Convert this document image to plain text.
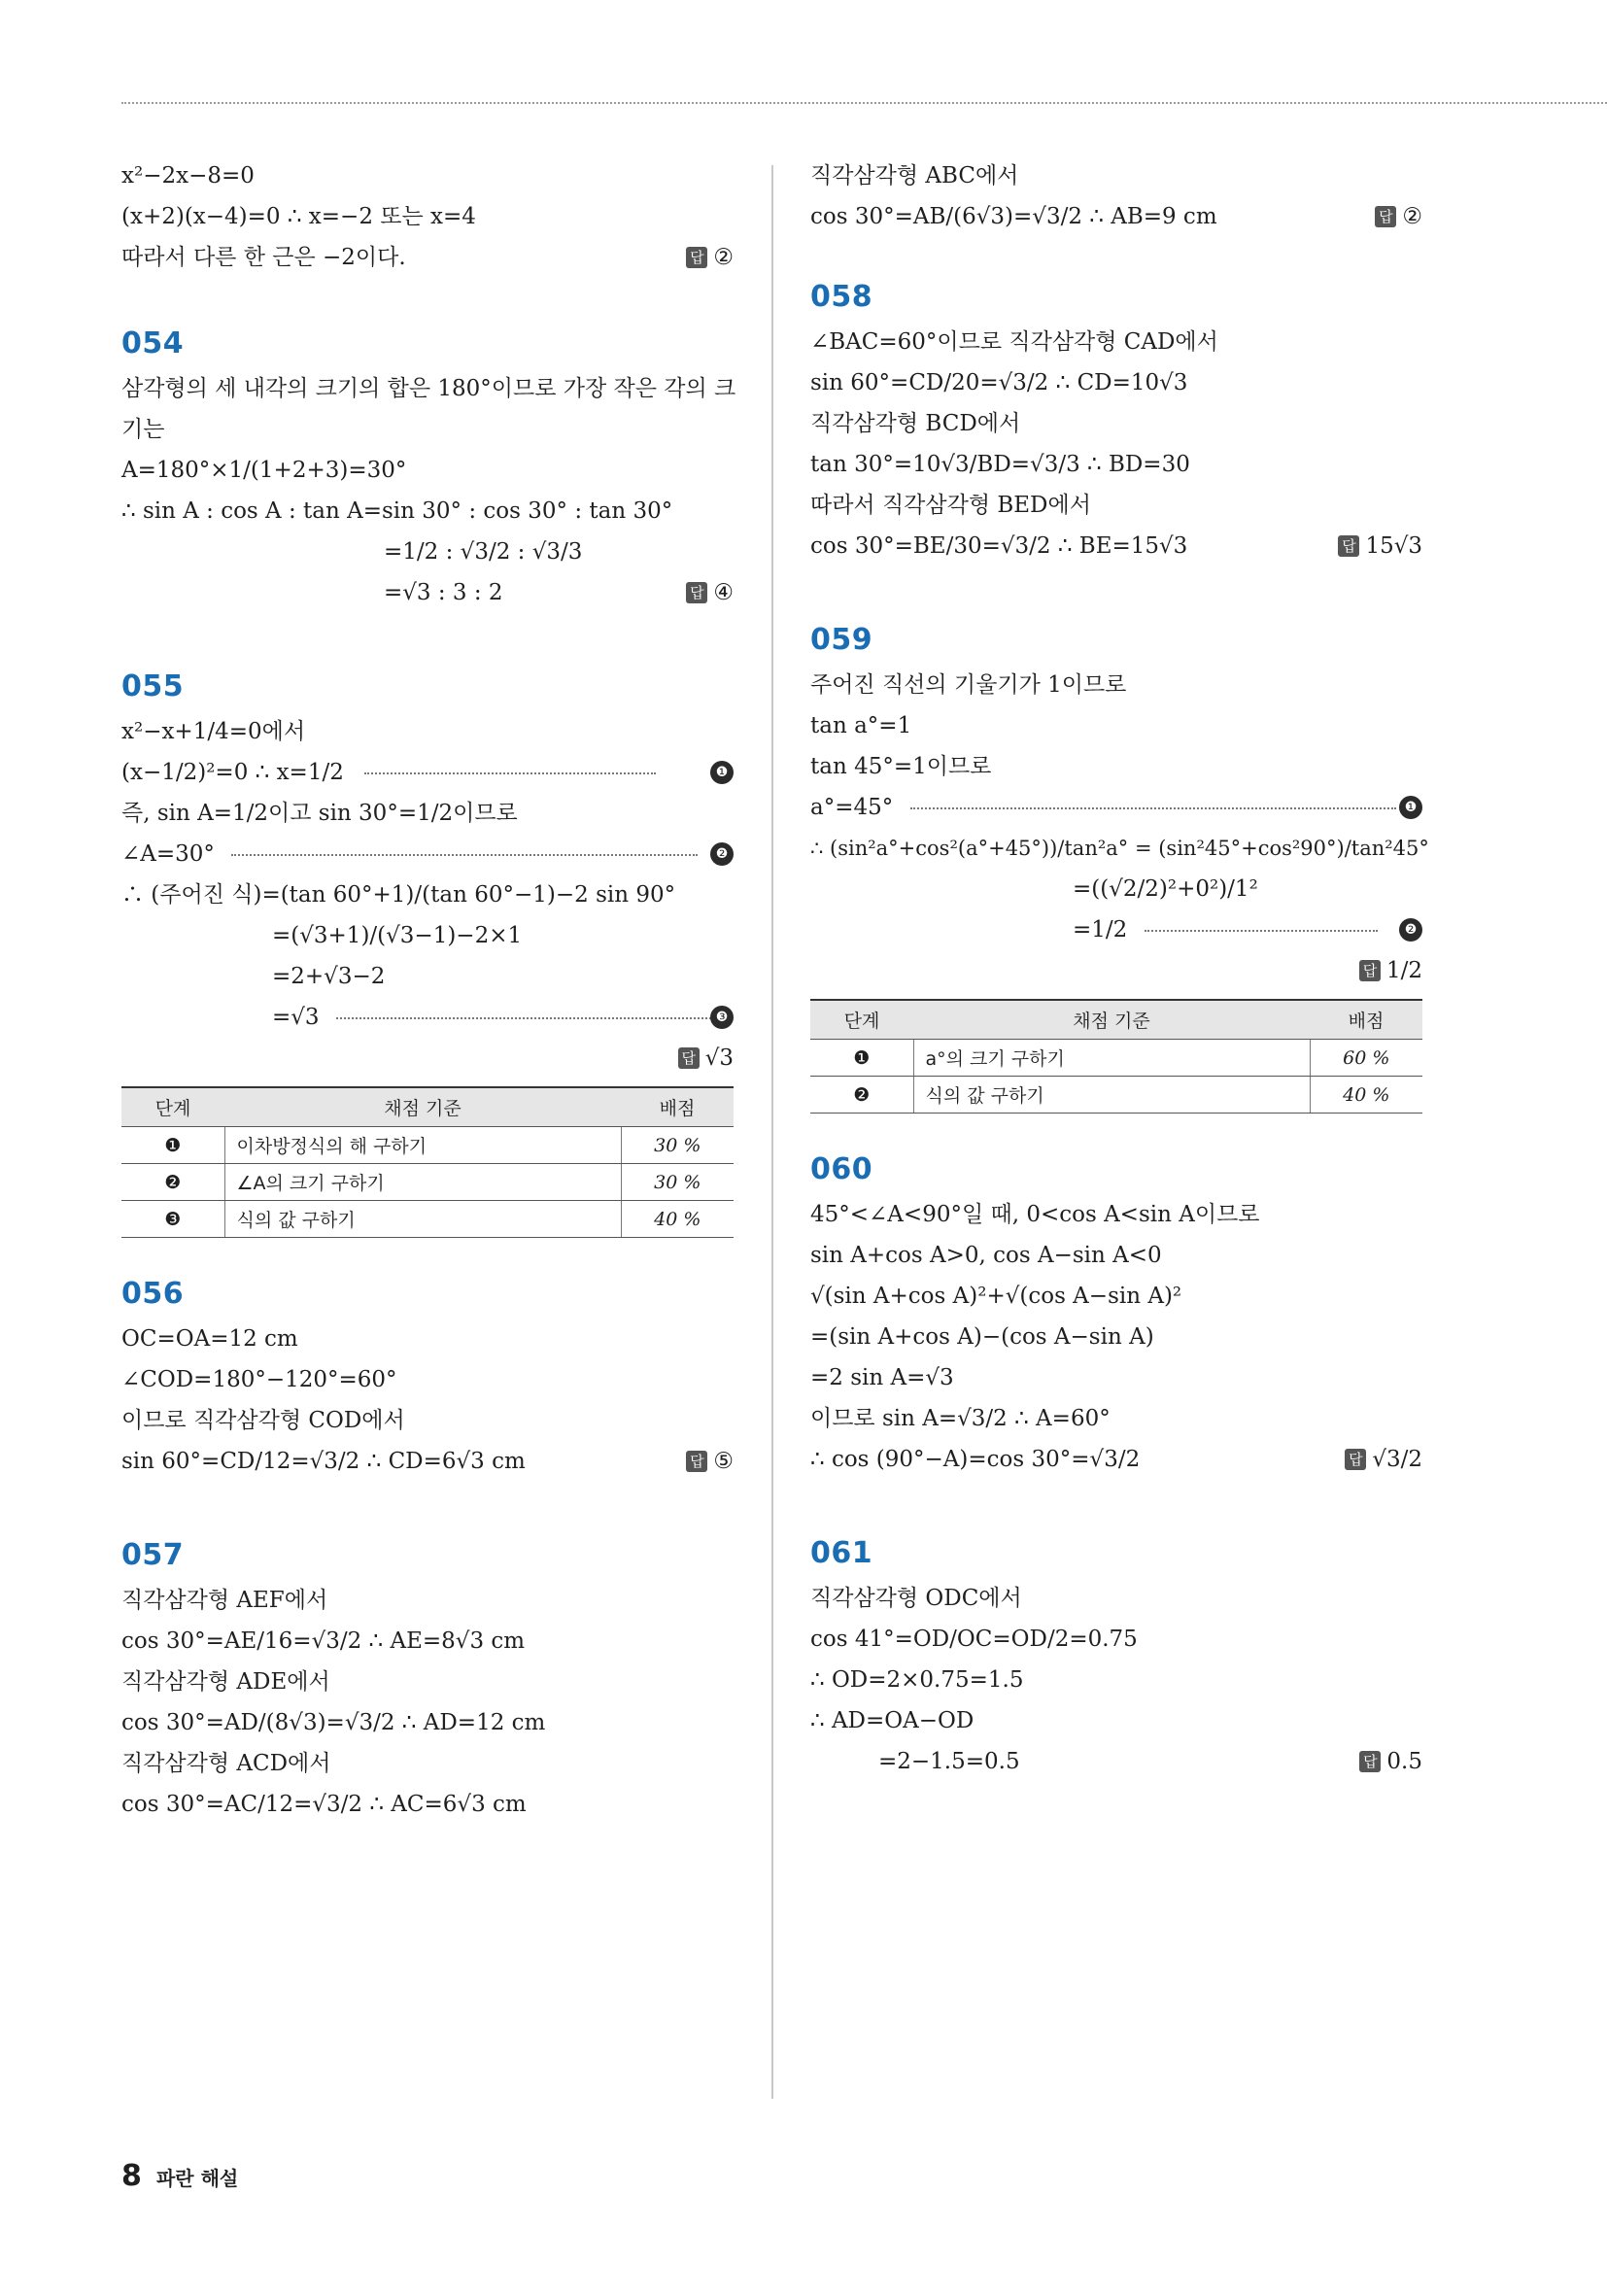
x²−2x−8=0
(x+2)(x−4)=0 ∴ x=−2 또는 x=4
따라서 다른 한 근은 −2이다.	답 ②
054
삼각형의 세 내각의 크기의 합은 180°이므로 가장 작은 각의 크
기는
A=180°×1/(1+2+3)=30°
∴ sin A : cos A : tan A=sin 30° : cos 30° : tan 30°
=1/2 : √3/2 : √3/3
=√3 : 3 : 2	답 ④
055
x²−x+1/4=0에서
(x−1/2)²=0 ∴ x=1/2	❶
즉, sin A=1/2이고 sin 30°=1/2이므로
∠A=30°	❷
∴ (주어진 식)=(tan 60°+1)/(tan 60°−1)−2 sin 90°
=(√3+1)/(√3−1)−2×1
=2+√3−2
=√3	❸
답 √3
단계	채점 기준	배점
❶	이차방정식의 해 구하기	30 %
❷	∠A의 크기 구하기	30 %
❸	식의 값 구하기	40 %
056
OC=OA=12 cm
∠COD=180°−120°=60°
이므로 직각삼각형 COD에서
sin 60°=CD/12=√3/2 ∴ CD=6√3 cm	답 ⑤
057
직각삼각형 AEF에서
cos 30°=AE/16=√3/2 ∴ AE=8√3 cm
직각삼각형 ADE에서
cos 30°=AD/(8√3)=√3/2 ∴ AD=12 cm
직각삼각형 ACD에서
cos 30°=AC/12=√3/2 ∴ AC=6√3 cm
직각삼각형 ABC에서
cos 30°=AB/(6√3)=√3/2 ∴ AB=9 cm	답 ②
058
∠BAC=60°이므로 직각삼각형 CAD에서
sin 60°=CD/20=√3/2 ∴ CD=10√3
직각삼각형 BCD에서
tan 30°=10√3/BD=√3/3 ∴ BD=30
따라서 직각삼각형 BED에서
cos 30°=BE/30=√3/2 ∴ BE=15√3	답 15√3
059
주어진 직선의 기울기가 1이므로
tan a°=1
tan 45°=1이므로
a°=45°	❶
∴ (sin²a°+cos²(a°+45°))/tan²a° = (sin²45°+cos²90°)/tan²45°
=((√2/2)²+0²)/1²
=1/2	❷
답 1/2
단계	채점 기준	배점
❶	a°의 크기 구하기	60 %
❷	식의 값 구하기	40 %
060
45°<∠A<90°일 때, 0<cos A<sin A이므로
sin A+cos A>0, cos A−sin A<0
√(sin A+cos A)²+√(cos A−sin A)²
=(sin A+cos A)−(cos A−sin A)
=2 sin A=√3
이므로 sin A=√3/2 ∴ A=60°
∴ cos (90°−A)=cos 30°=√3/2	답 √3/2
061
직각삼각형 ODC에서
cos 41°=OD/OC=OD/2=0.75
∴ OD=2×0.75=1.5
∴ AD=OA−OD
=2−1.5=0.5	답 0.5
8 파란 해설
